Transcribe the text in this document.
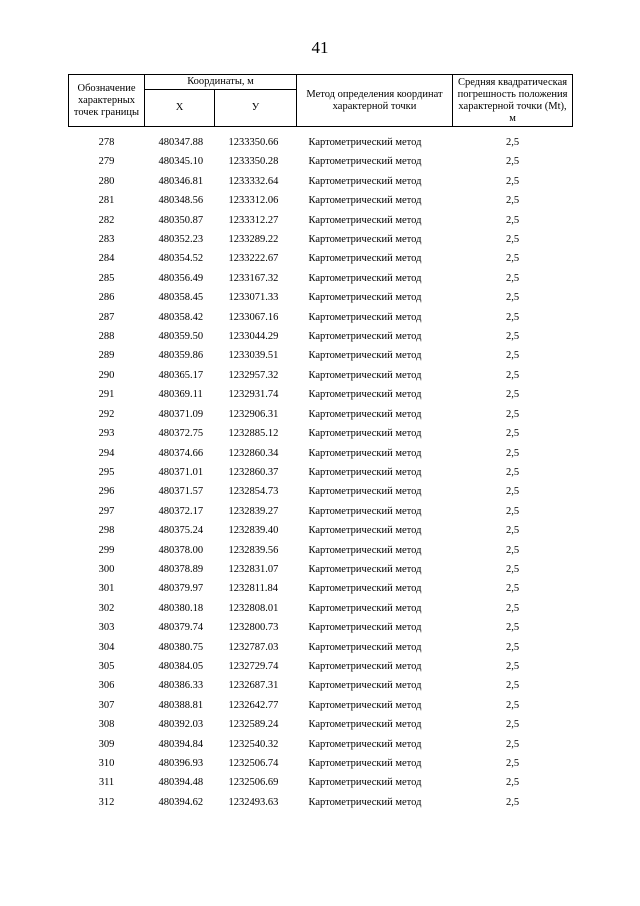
41
Обозначение характерных точек границы	Координаты, м		Метод определения координат характерной точки	Средняя квадратическая погрешность положения характерной точки (Mt), м
	X	У		
278	480347.88	1233350.66	Картометрический метод	2,5
279	480345.10	1233350.28	Картометрический метод	2,5
280	480346.81	1233332.64	Картометрический метод	2,5
281	480348.56	1233312.06	Картометрический метод	2,5
282	480350.87	1233312.27	Картометрический метод	2,5
283	480352.23	1233289.22	Картометрический метод	2,5
284	480354.52	1233222.67	Картометрический метод	2,5
285	480356.49	1233167.32	Картометрический метод	2,5
286	480358.45	1233071.33	Картометрический метод	2,5
287	480358.42	1233067.16	Картометрический метод	2,5
288	480359.50	1233044.29	Картометрический метод	2,5
289	480359.86	1233039.51	Картометрический метод	2,5
290	480365.17	1232957.32	Картометрический метод	2,5
291	480369.11	1232931.74	Картометрический метод	2,5
292	480371.09	1232906.31	Картометрический метод	2,5
293	480372.75	1232885.12	Картометрический метод	2,5
294	480374.66	1232860.34	Картометрический метод	2,5
295	480371.01	1232860.37	Картометрический метод	2,5
296	480371.57	1232854.73	Картометрический метод	2,5
297	480372.17	1232839.27	Картометрический метод	2,5
298	480375.24	1232839.40	Картометрический метод	2,5
299	480378.00	1232839.56	Картометрический метод	2,5
300	480378.89	1232831.07	Картометрический метод	2,5
301	480379.97	1232811.84	Картометрический метод	2,5
302	480380.18	1232808.01	Картометрический метод	2,5
303	480379.74	1232800.73	Картометрический метод	2,5
304	480380.75	1232787.03	Картометрический метод	2,5
305	480384.05	1232729.74	Картометрический метод	2,5
306	480386.33	1232687.31	Картометрический метод	2,5
307	480388.81	1232642.77	Картометрический метод	2,5
308	480392.03	1232589.24	Картометрический метод	2,5
309	480394.84	1232540.32	Картометрический метод	2,5
310	480396.93	1232506.74	Картометрический метод	2,5
311	480394.48	1232506.69	Картометрический метод	2,5
312	480394.62	1232493.63	Картометрический метод	2,5
